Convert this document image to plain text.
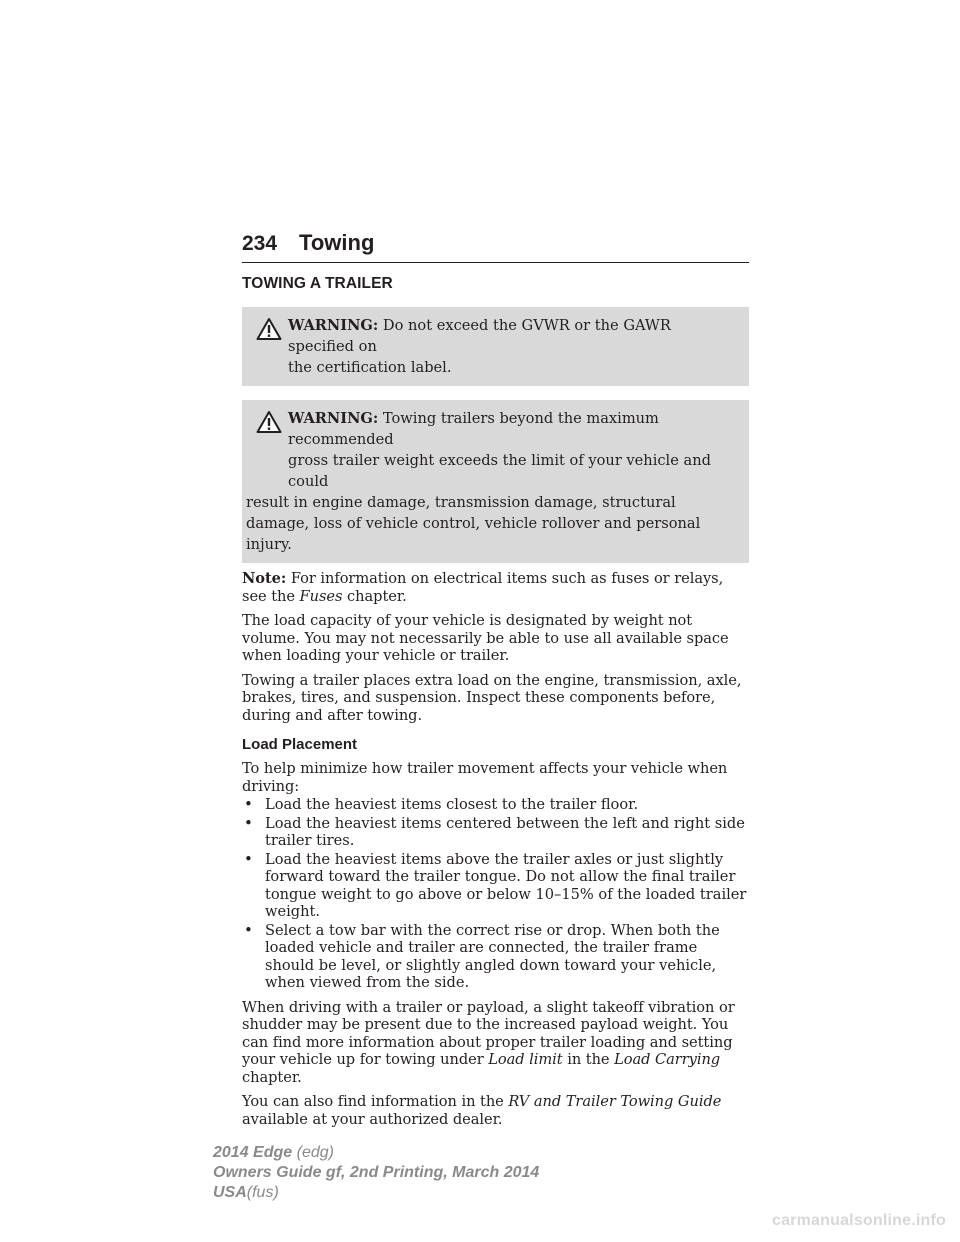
234 Towing
TOWING A TRAILER
WARNING: Do not exceed the GVWR or the GAWR specified on
the certification label.
WARNING: Towing trailers beyond the maximum recommended
gross trailer weight exceeds the limit of your vehicle and could
result in engine damage, transmission damage, structural damage, loss of vehicle control, vehicle rollover and personal injury.

Note: For information on electrical items such as fuses or relays, see the Fuses chapter.

The load capacity of your vehicle is designated by weight not volume. You may not necessarily be able to use all available space when loading your vehicle or trailer.

Towing a trailer places extra load on the engine, transmission, axle, brakes, tires, and suspension. Inspect these components before, during and after towing.

Load Placement

To help minimize how trailer movement affects your vehicle when driving:

• Load the heaviest items closest to the trailer floor.
• Load the heaviest items centered between the left and right side trailer tires.
• Load the heaviest items above the trailer axles or just slightly forward toward the trailer tongue. Do not allow the final trailer tongue weight to go above or below 10–15% of the loaded trailer weight.
• Select a tow bar with the correct rise or drop. When both the loaded vehicle and trailer are connected, the trailer frame should be level, or slightly angled down toward your vehicle, when viewed from the side.

When driving with a trailer or payload, a slight takeoff vibration or shudder may be present due to the increased payload weight. You can find more information about proper trailer loading and setting your vehicle up for towing under Load limit in the Load Carrying chapter.

You can also find information in the RV and Trailer Towing Guide available at your authorized dealer.

2014 Edge (edg)
Owners Guide gf, 2nd Printing, March 2014
USA(fus)
carmanualsonline.info
